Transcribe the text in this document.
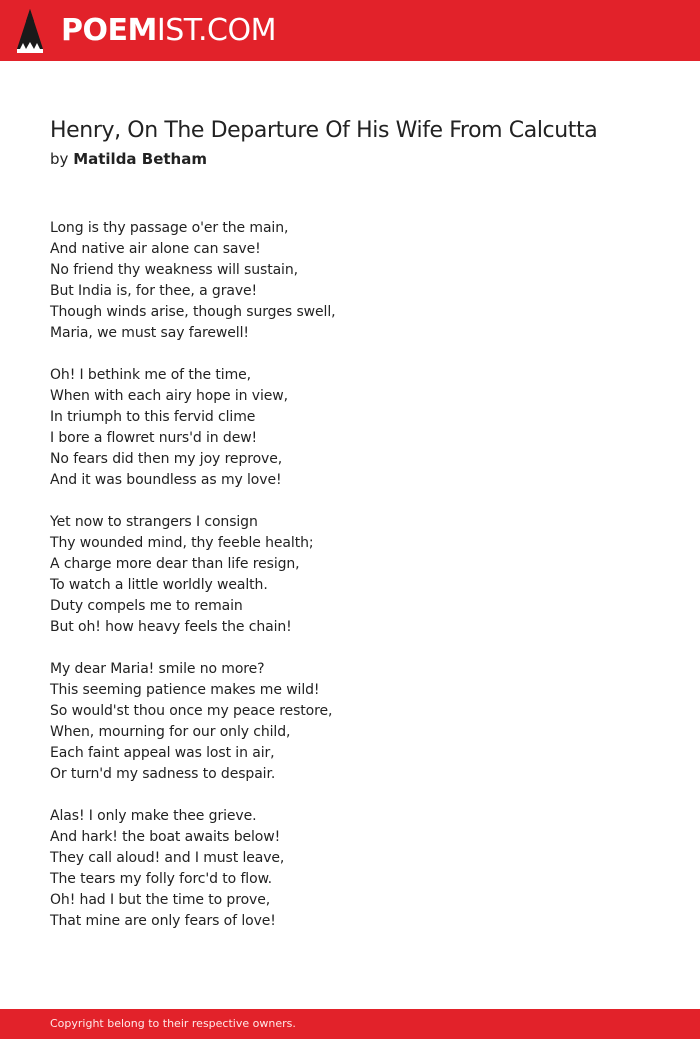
POEMIST.COM
Henry, On The Departure Of His Wife From Calcutta
by Matilda Betham
Long is thy passage o'er the main,
And native air alone can save!
No friend thy weakness will sustain,
But India is, for thee, a grave!
Though winds arise, though surges swell,
Maria, we must say farewell!
Oh! I bethink me of the time,
When with each airy hope in view,
In triumph to this fervid clime
I bore a flowret nurs'd in dew!
No fears did then my joy reprove,
And it was boundless as my love!
Yet now to strangers I consign
Thy wounded mind, thy feeble health;
A charge more dear than life resign,
To watch a little worldly wealth.
Duty compels me to remain
But oh! how heavy feels the chain!
My dear Maria! smile no more?
This seeming patience makes me wild!
So would'st thou once my peace restore,
When, mourning for our only child,
Each faint appeal was lost in air,
Or turn'd my sadness to despair.
Alas! I only make thee grieve.
And hark! the boat awaits below!
They call aloud! and I must leave,
The tears my folly forc'd to flow.
Oh! had I but the time to prove,
That mine are only fears of love!
Copyright belong to their respective owners.
